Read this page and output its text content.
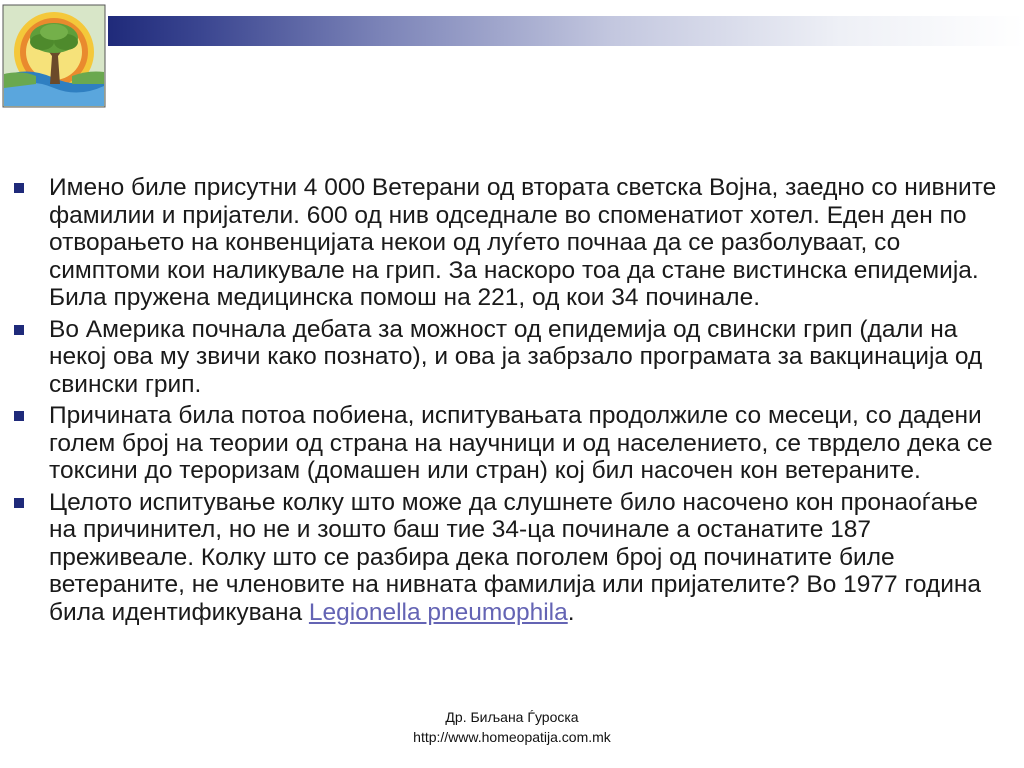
Имено биле присутни 4 000 Ветерани од втората светска Војна, заедно со нивните фамилии и пријатели. 600 од нив одседнале во споменатиот хотел. Еден ден по отворањето на конвенцијата некои од луѓето почнаа да се разболуваат, со симптоми кои наликувале на грип. За наскоро тоа да стане вистинска епидемија. Била пружена медицинска помош на 221, од кои 34 починале.
Во Америка почнала дебата за можност од епидемија од свински грип (дали на некој ова му звичи како познато), и ова ја забрзало програмата за вакцинација од свински грип.
Причината била потоа побиена, испитувањата продолжиле со месеци, со дадени голем број на теории од страна на научници и од населението, се тврдело дека се токсини до тероризам (домашен или стран) кој бил насочен кон ветераните.
Целото испитување колку што може да слушнете било насочено кон пронаоѓање на причинител, но не и зошто баш тие 34-ца починале а останатите 187 преживеале. Колку што се разбира дека поголем број од починатите биле ветераните, не членовите на нивната фамилија или пријателите? Во 1977 година била идентификувана Legionella pneumophila.
Др. Биљана Ѓуроска
http://www.homeopatija.com.mk
